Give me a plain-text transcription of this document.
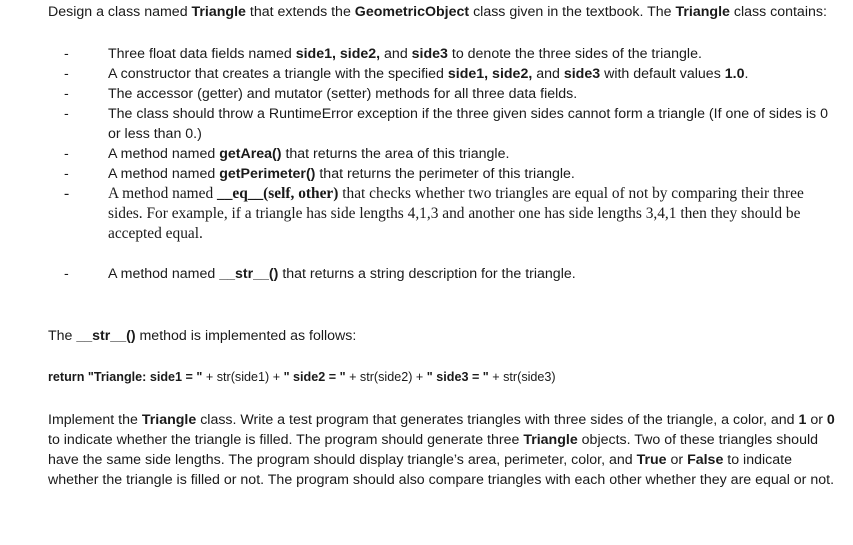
Design a class named Triangle that extends the GeometricObject class given in the textbook. The Triangle class contains:

-	Three float data fields named side1, side2, and side3 to denote the three sides of the triangle.
-	A constructor that creates a triangle with the specified side1, side2, and side3 with default values 1.0.
-	The accessor (getter) and mutator (setter) methods for all three data fields.
-	The class should throw a RuntimeError exception if the three given sides cannot form a triangle (If one of sides is 0 or less than 0.)
-	A method named getArea() that returns the area of this triangle.
-	A method named getPerimeter() that returns the perimeter of this triangle.
-	A method named __eq__(self, other) that checks whether two triangles are equal of not by comparing their three sides. For example, if a triangle has side lengths 4,1,3 and another one has side lengths 3,4,1 then they should be accepted equal.
-	A method named __str__() that returns a string description for the triangle.

The __str__() method is implemented as follows:

return "Triangle: side1 = " + str(side1) + " side2 = " + str(side2) + " side3 = " + str(side3)

Implement the Triangle class. Write a test program that generates triangles with three sides of the triangle, a color, and 1 or 0 to indicate whether the triangle is filled. The program should generate three Triangle objects. Two of these triangles should have the same side lengths. The program should display triangle’s area, perimeter, color, and True or False to indicate whether the triangle is filled or not. The program should also compare triangles with each other whether they are equal or not.
